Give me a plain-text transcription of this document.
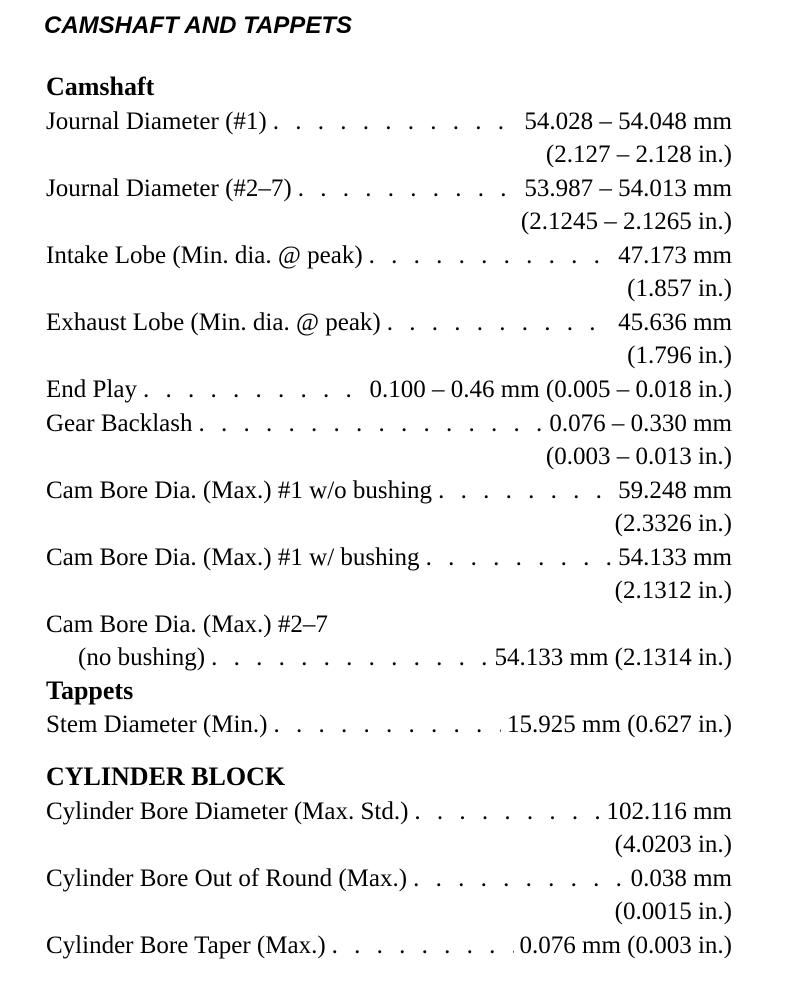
CAMSHAFT AND TAPPETS
Camshaft
Journal Diameter (#1) . . .	54.028 – 54.048 mm
(2.127 – 2.128 in.)
Journal Diameter (#2–7) . . .	53.987 – 54.013 mm
(2.1245 – 2.1265 in.)
Intake Lobe (Min. dia. @ peak) . . .	47.173 mm
(1.857 in.)
Exhaust Lobe (Min. dia. @ peak) . . .	45.636 mm
(1.796 in.)
End Play . . .	0.100 – 0.46 mm (0.005 – 0.018 in.)
Gear Backlash . . .	0.076 – 0.330 mm
(0.003 – 0.013 in.)
Cam Bore Dia. (Max.) #1 w/o bushing . . .	59.248 mm
(2.3326 in.)
Cam Bore Dia. (Max.) #1 w/ bushing . . .	54.133 mm
(2.1312 in.)
Cam Bore Dia. (Max.) #2–7
(no bushing) . . .	54.133 mm (2.1314 in.)
Tappets
Stem Diameter (Min.) . . .	15.925 mm (0.627 in.)
CYLINDER BLOCK
Cylinder Bore Diameter (Max. Std.) . . .	102.116 mm
(4.0203 in.)
Cylinder Bore Out of Round (Max.) . . .	0.038 mm
(0.0015 in.)
Cylinder Bore Taper (Max.) . . .	0.076 mm (0.003 in.)
